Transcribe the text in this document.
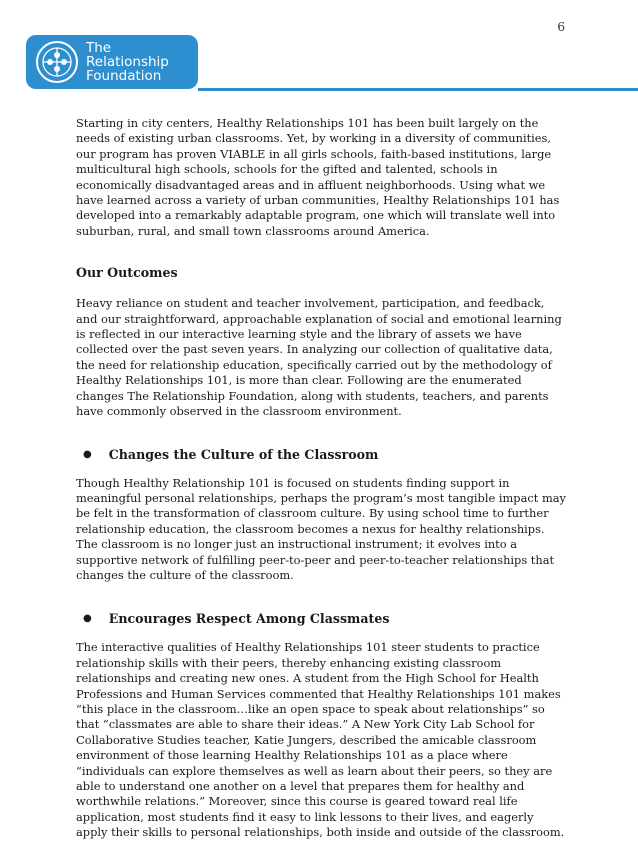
6
The
Relationship
Foundation

Starting in city centers, Healthy Relationships 101 has been built largely on the needs of existing urban classrooms. Yet, by working in a diversity of communities, our program has proven VIABLE in all girls schools, faith-based institutions, large multicultural high schools, schools for the gifted and talented, schools in economically disadvantaged areas and in affluent neighborhoods. Using what we have learned across a variety of urban communities, Healthy Relationships 101 has developed into a remarkably adaptable program, one which will translate well into suburban, rural, and small town classrooms around America.

Our Outcomes

Heavy reliance on student and teacher involvement, participation, and feedback, and our straightforward, approachable explanation of social and emotional learning is reflected in our interactive learning style and the library of assets we have collected over the past seven years. In analyzing our collection of qualitative data, the need for relationship education, specifically carried out by the methodology of Healthy Relationships 101, is more than clear. Following are the enumerated changes The Relationship Foundation, along with students, teachers, and parents have commonly observed in the classroom environment.

● Changes the Culture of the Classroom

Though Healthy Relationship 101 is focused on students finding support in meaningful personal relationships, perhaps the program’s most tangible impact may be felt in the transformation of classroom culture. By using school time to further relationship education, the classroom becomes a nexus for healthy relationships. The classroom is no longer just an instructional instrument; it evolves into a supportive network of fulfilling peer-to-peer and peer-to-teacher relationships that changes the culture of the classroom.

● Encourages Respect Among Classmates

The interactive qualities of Healthy Relationships 101 steer students to practice relationship skills with their peers, thereby enhancing existing classroom relationships and creating new ones. A student from the High School for Health Professions and Human Services commented that Healthy Relationships 101 makes “this place in the classroom…like an open space to speak about relationships” so that “classmates are able to share their ideas.” A New York City Lab School for Collaborative Studies teacher, Katie Jungers, described the amicable classroom environment of those learning Healthy Relationships 101 as a place where “individuals can explore themselves as well as learn about their peers, so they are able to understand one another on a level that prepares them for healthy and worthwhile relations.” Moreover, since this course is geared toward real life application, most students find it easy to link lessons to their lives, and eagerly apply their skills to personal relationships, both inside and outside of the classroom.
